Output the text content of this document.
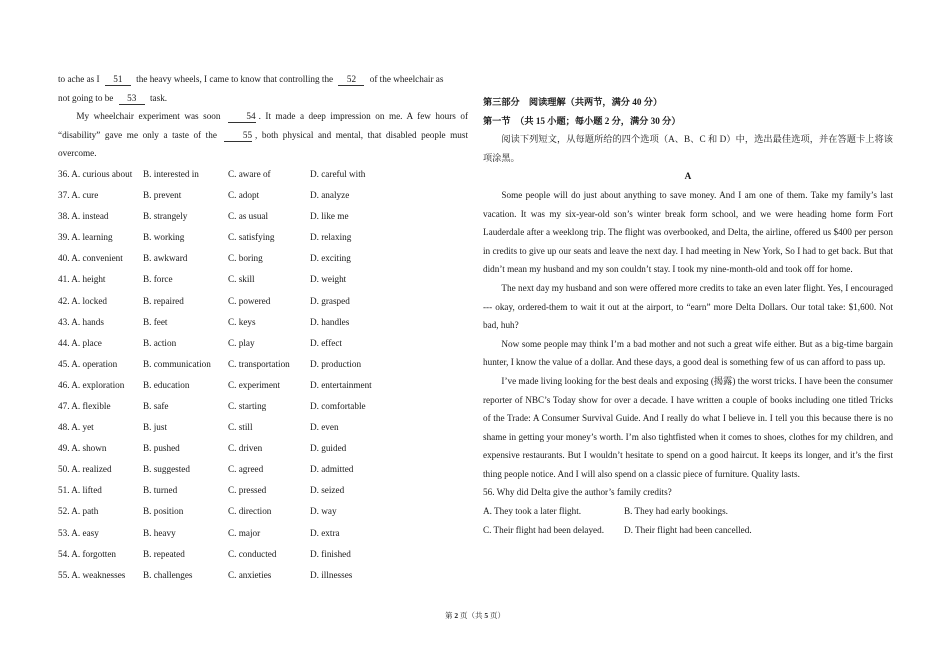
to ache as I 51 the heavy wheels, I came to know that controlling the 52 of the wheelchair as

not going to be 53 task.

My wheelchair experiment was soon	54 . It made a deep impression on me. A few hours of “disability” gave me only a taste of the	55 , both physical and mental, that disabled people must overcome.

36. A. curious about	B. interested in	C. aware of	D. careful with
37. A. cure	B. prevent	C. adopt	D. analyze
38. A. instead	B. strangely	C. as usual	D. like me
39. A. learning	B. working	C. satisfying	D. relaxing
40. A. convenient	B. awkward	C. boring	D. exciting
41. A. height	B. force	C. skill	D. weight
42. A. locked	B. repaired	C. powered	D. grasped
43. A. hands	B. feet	C. keys	D. handles
44. A. place	B. action	C. play	D. effect
45. A. operation	B. communication	C. transportation	D. production
46. A. exploration	B. education	C. experiment	D. entertainment
47. A. flexible	B. safe	C. starting	D. comfortable
48. A. yet	B. just	C. still	D. even
49. A. shown	B. pushed	C. driven	D. guided
50. A. realized	B. suggested	C. agreed	D. admitted
51. A. lifted	B. turned	C. pressed	D. seized
52. A. path	B. position	C. direction	D. way
53. A. easy	B. heavy	C. major	D. extra
54. A. forgotten	B. repeated	C. conducted	D. finished
55. A. weaknesses	B. challenges	C. anxieties	D. illnesses

第三部分　阅读理解（共两节，满分 40 分）

第一节　（共 15 小题；每小题 2 分，满分 30 分）

阅读下列短文，从每题所给的四个选项（A、B、C 和 D）中，选出最佳选项，并在答题卡上将该项涂黑。

A

Some people will do just about anything to save money. And I am one of them. Take my family’s last vacation. It was my six-year-old son’s winter break form school, and we were heading home form Fort Lauderdale after a weeklong trip. The flight was overbooked, and Delta, the airline, offered us $400 per person in credits to give up our seats and leave the next day. I had meeting in New York, So I had to get back. But that didn’t mean my husband and my son couldn’t stay. I took my nine-month-old and took off for home.

The next day my husband and son were offered more credits to take an even later flight. Yes, I encouraged --- okay, ordered-them to wait it out at the airport, to “earn” more Delta Dollars. Our total take: $1,600. Not bad, huh?

Now some people may think I’m a bad mother and not such a great wife either. But as a big-time bargain hunter, I know the value of a dollar. And these days, a good deal is something few of us can afford to pass up.

I’ve made living looking for the best deals and exposing (揭露) the worst tricks. I have been the consumer reporter of NBC’s Today show for over a decade. I have written a couple of books including one titled Tricks of the Trade: A Consumer Survival Guide. And I really do what I believe in. I tell you this because there is no shame in getting your money’s worth. I’m also tightfisted when it comes to shoes, clothes for my children, and expensive restaurants. But I wouldn’t hesitate to spend on a good haircut. It keeps its longer, and it’s the first thing people notice. And I will also spend on a classic piece of furniture. Quality lasts.

56. Why did Delta give the author’s family credits?

A. They took a later flight.	B. They had early bookings.
C. Their flight had been delayed.	D. Their flight had been cancelled.
第 2 页（共 5 页）
